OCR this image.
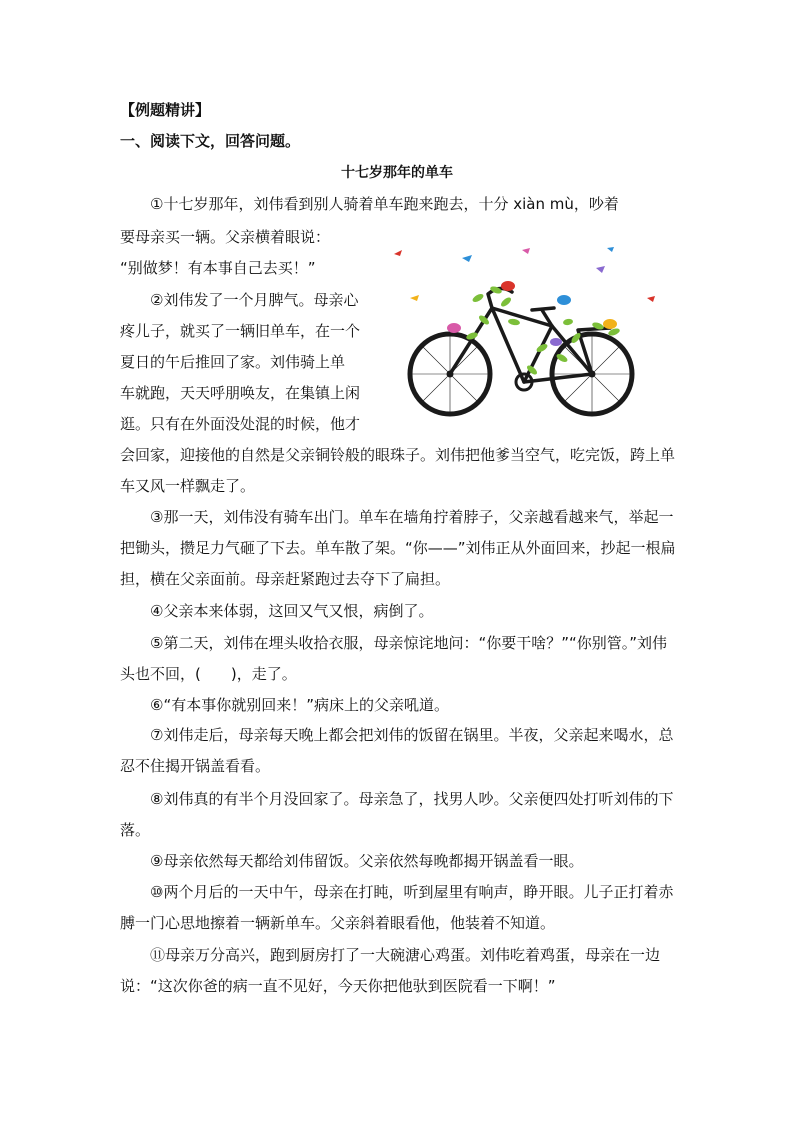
【例题精讲】
一、阅读下文，回答问题。
十七岁那年的单车
①十七岁那年，刘伟看到别人骑着单车跑来跑去，十分 xiàn mù，吵着
要母亲买一辆。父亲横着眼说：
“别做梦！有本事自己去买！”
②刘伟发了一个月脾气。母亲心
疼儿子，就买了一辆旧单车，在一个
夏日的午后推回了家。刘伟骑上单
车就跑，天天呼朋唤友，在集镇上闲
逛。只有在外面没处混的时候，他才
会回家，迎接他的自然是父亲铜铃般的眼珠子。刘伟把他爹当空气，吃完饭，跨上单车又风一样飘走了。
③那一天，刘伟没有骑车出门。单车在墙角拧着脖子，父亲越看越来气，举起一把锄头，攒足力气砸了下去。单车散了架。“你——”刘伟正从外面回来，抄起一根扁担，横在父亲面前。母亲赶紧跑过去夺下了扁担。
④父亲本来体弱，这回又气又恨，病倒了。
⑤第二天，刘伟在埋头收拾衣服，母亲惊诧地问：“你要干啥？”“你别管。”刘伟头也不回，(　　)，走了。
⑥“有本事你就别回来！”病床上的父亲吼道。
⑦刘伟走后，母亲每天晚上都会把刘伟的饭留在锅里。半夜，父亲起来喝水，总忍不住揭开锅盖看看。
⑧刘伟真的有半个月没回家了。母亲急了，找男人吵。父亲便四处打听刘伟的下落。
⑨母亲依然每天都给刘伟留饭。父亲依然每晚都揭开锅盖看一眼。
⑩两个月后的一天中午，母亲在打盹，听到屋里有响声，睁开眼。儿子正打着赤膊一门心思地擦着一辆新单车。父亲斜着眼看他，他装着不知道。
⑪母亲万分高兴，跑到厨房打了一大碗溏心鸡蛋。刘伟吃着鸡蛋，母亲在一边说：“这次你爸的病一直不见好，今天你把他驮到医院看一下啊！”
